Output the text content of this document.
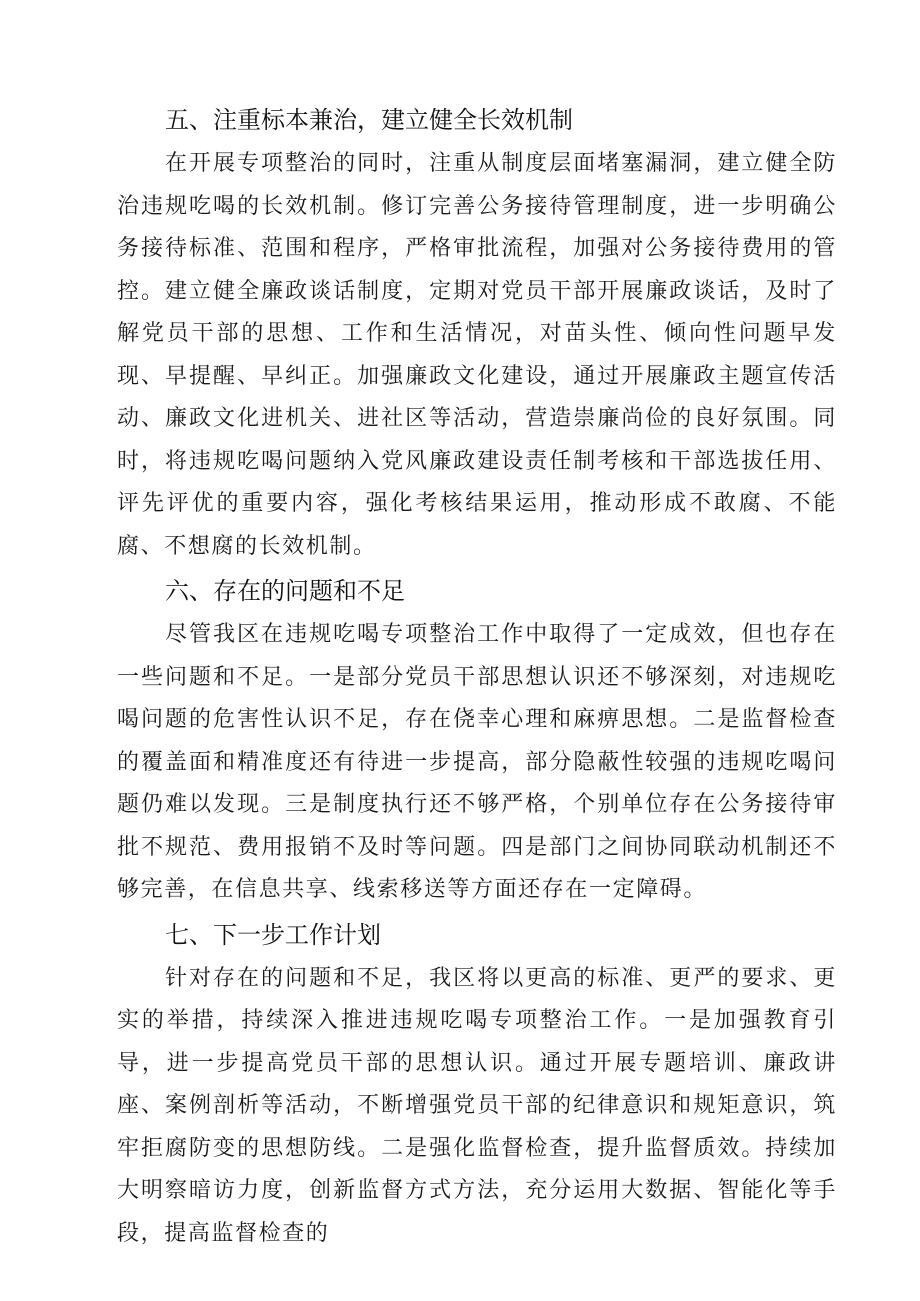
五、注重标本兼治，建立健全长效机制

在开展专项整治的同时，注重从制度层面堵塞漏洞，建立健全防治违规吃喝的长效机制。修订完善公务接待管理制度，进一步明确公务接待标准、范围和程序，严格审批流程，加强对公务接待费用的管控。建立健全廉政谈话制度，定期对党员干部开展廉政谈话，及时了解党员干部的思想、工作和生活情况，对苗头性、倾向性问题早发现、早提醒、早纠正。加强廉政文化建设，通过开展廉政主题宣传活动、廉政文化进机关、进社区等活动，营造崇廉尚俭的良好氛围。同时，将违规吃喝问题纳入党风廉政建设责任制考核和干部选拔任用、评先评优的重要内容，强化考核结果运用，推动形成不敢腐、不能腐、不想腐的长效机制。

六、存在的问题和不足

尽管我区在违规吃喝专项整治工作中取得了一定成效，但也存在一些问题和不足。一是部分党员干部思想认识还不够深刻，对违规吃喝问题的危害性认识不足，存在侥幸心理和麻痹思想。二是监督检查的覆盖面和精准度还有待进一步提高，部分隐蔽性较强的违规吃喝问题仍难以发现。三是制度执行还不够严格，个别单位存在公务接待审批不规范、费用报销不及时等问题。四是部门之间协同联动机制还不够完善，在信息共享、线索移送等方面还存在一定障碍。

七、下一步工作计划

针对存在的问题和不足，我区将以更高的标准、更严的要求、更实的举措，持续深入推进违规吃喝专项整治工作。一是加强教育引导，进一步提高党员干部的思想认识。通过开展专题培训、廉政讲座、案例剖析等活动，不断增强党员干部的纪律意识和规矩意识，筑牢拒腐防变的思想防线。二是强化监督检查，提升监督质效。持续加大明察暗访力度，创新监督方式方法，充分运用大数据、智能化等手段，提高监督检查的
